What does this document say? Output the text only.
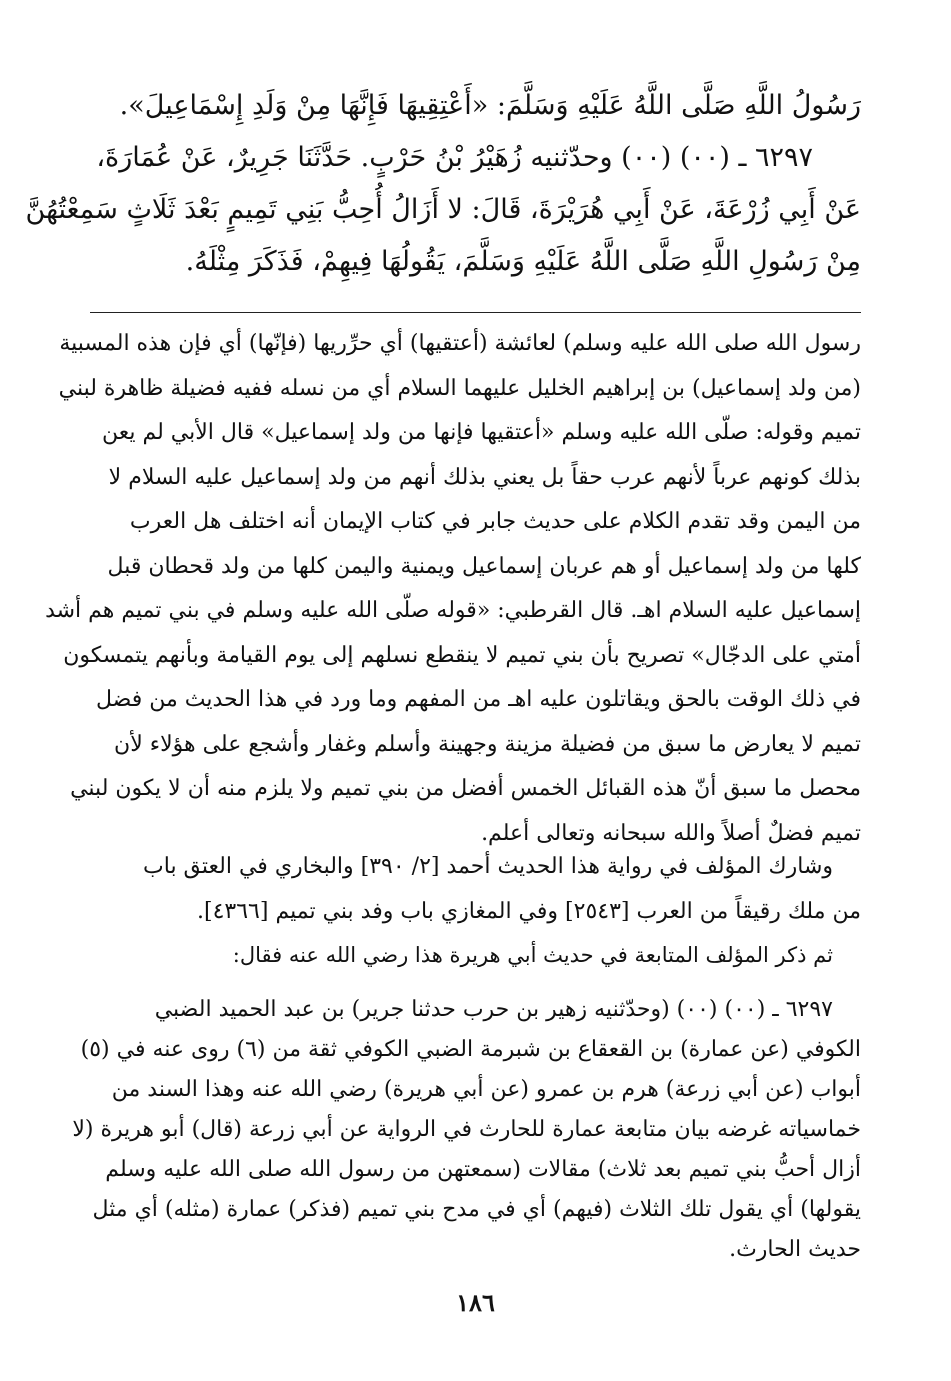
رَسُولُ اللَّهِ صَلَّى اللَّهُ عَلَيْهِ وَسَلَّمَ: «أَعْتِقِيهَا فَإِنَّهَا مِنْ وَلَدِ إِسْمَاعِيلَ».
٦٢٩٧ ـ (٠٠) (٠٠) وحدّثنيه زُهَيْرُ بْنُ حَرْبٍ. حَدَّثَنَا جَرِيرٌ، عَنْ عُمَارَةَ،
عَنْ أَبِي زُرْعَةَ، عَنْ أَبِي هُرَيْرَةَ، قَالَ: لا أَزَالُ أُحِبُّ بَنِي تَمِيمٍ بَعْدَ ثَلَاثٍ سَمِعْتُهُنَّ
مِنْ رَسُولِ اللَّهِ صَلَّى اللَّهُ عَلَيْهِ وَسَلَّمَ، يَقُولُهَا فِيهِمْ، فَذَكَرَ مِثْلَهُ.
رسول الله صلى الله عليه وسلم) لعائشة (أعتقيها) أي حرِّريها (فإنّها) أي فإن هذه المسبية
(من ولد إسماعيل) بن إبراهيم الخليل عليهما السلام أي من نسله ففيه فضيلة ظاهرة لبني
تميم وقوله: صلّى الله عليه وسلم «أعتقيها فإنها من ولد إسماعيل» قال الأبي لم يعن
بذلك كونهم عرباً لأنهم عرب حقاً بل يعني بذلك أنهم من ولد إسماعيل عليه السلام لا
من اليمن وقد تقدم الكلام على حديث جابر في كتاب الإيمان أنه اختلف هل العرب
كلها من ولد إسماعيل أو هم عربان إسماعيل ويمنية واليمن كلها من ولد قحطان قبل
إسماعيل عليه السلام اهـ. قال القرطبي: «قوله صلّى الله عليه وسلم في بني تميم هم أشد
أمتي على الدجّال» تصريح بأن بني تميم لا ينقطع نسلهم إلى يوم القيامة وبأنهم يتمسكون
في ذلك الوقت بالحق ويقاتلون عليه اهـ من المفهم وما ورد في هذا الحديث من فضل
تميم لا يعارض ما سبق من فضيلة مزينة وجهينة وأسلم وغفار وأشجع على هؤلاء لأن
محصل ما سبق أنّ هذه القبائل الخمس أفضل من بني تميم ولا يلزم منه أن لا يكون لبني
تميم فضلٌ أصلاً والله سبحانه وتعالى أعلم.
وشارك المؤلف في رواية هذا الحديث أحمد [٢/ ٣٩٠] والبخاري في العتق باب
من ملك رقيقاً من العرب [٢٥٤٣] وفي المغازي باب وفد بني تميم [٤٣٦٦].
ثم ذكر المؤلف المتابعة في حديث أبي هريرة هذا رضي الله عنه فقال:
٦٢٩٧ ـ (٠٠) (٠٠) (وحدّثنيه زهير بن حرب حدثنا جرير) بن عبد الحميد الضبي
الكوفي (عن عمارة) بن القعقاع بن شبرمة الضبي الكوفي ثقة من (٦) روى عنه في (٥)
أبواب (عن أبي زرعة) هرم بن عمرو (عن أبي هريرة) رضي الله عنه وهذا السند من
خماسياته غرضه بيان متابعة عمارة للحارث في الرواية عن أبي زرعة (قال) أبو هريرة (لا
أزال أحبُّ بني تميم بعد ثلاث) مقالات (سمعتهن من رسول الله صلى الله عليه وسلم
يقولها) أي يقول تلك الثلاث (فيهم) أي في مدح بني تميم (فذكر) عمارة (مثله) أي مثل
حديث الحارث.
١٨٦
